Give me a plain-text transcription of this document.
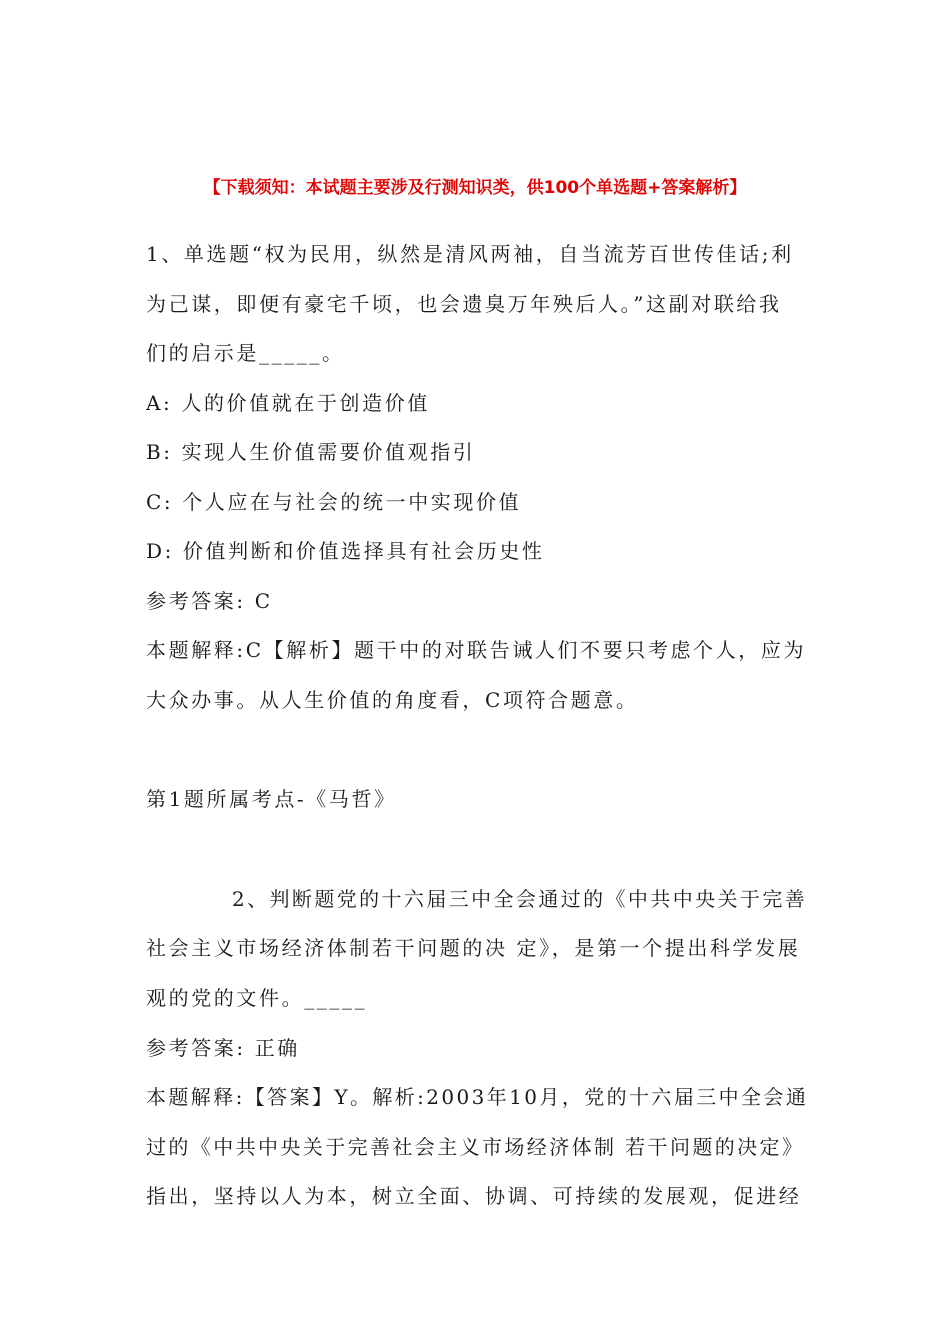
【下载须知：本试题主要涉及行测知识类，供100个单选题+答案解析】
1、单选题“权为民用，纵然是清风两袖，自当流芳百世传佳话;利
为己谋，即便有豪宅千顷，也会遗臭万年殃后人。”这副对联给我
们的启示是_____。
A: 人的价值就在于创造价值
B: 实现人生价值需要价值观指引
C: 个人应在与社会的统一中实现价值
D: 价值判断和价值选择具有社会历史性
参考答案: C
本题解释:C【解析】题干中的对联告诫人们不要只考虑个人，应为
大众办事。从人生价值的角度看，C项符合题意。
第1题所属考点-《马哲》
2、判断题党的十六届三中全会通过的《中共中央关于完善
社会主义市场经济体制若干问题的决 定》，是第一个提出科学发展
观的党的文件。_____
参考答案: 正确
本题解释:【答案】Y。解析:2003年10月，党的十六届三中全会通
过的《中共中央关于完善社会主义市场经济体制 若干问题的决定》
指出，坚持以人为本，树立全面、协调、可持续的发展观，促进经
